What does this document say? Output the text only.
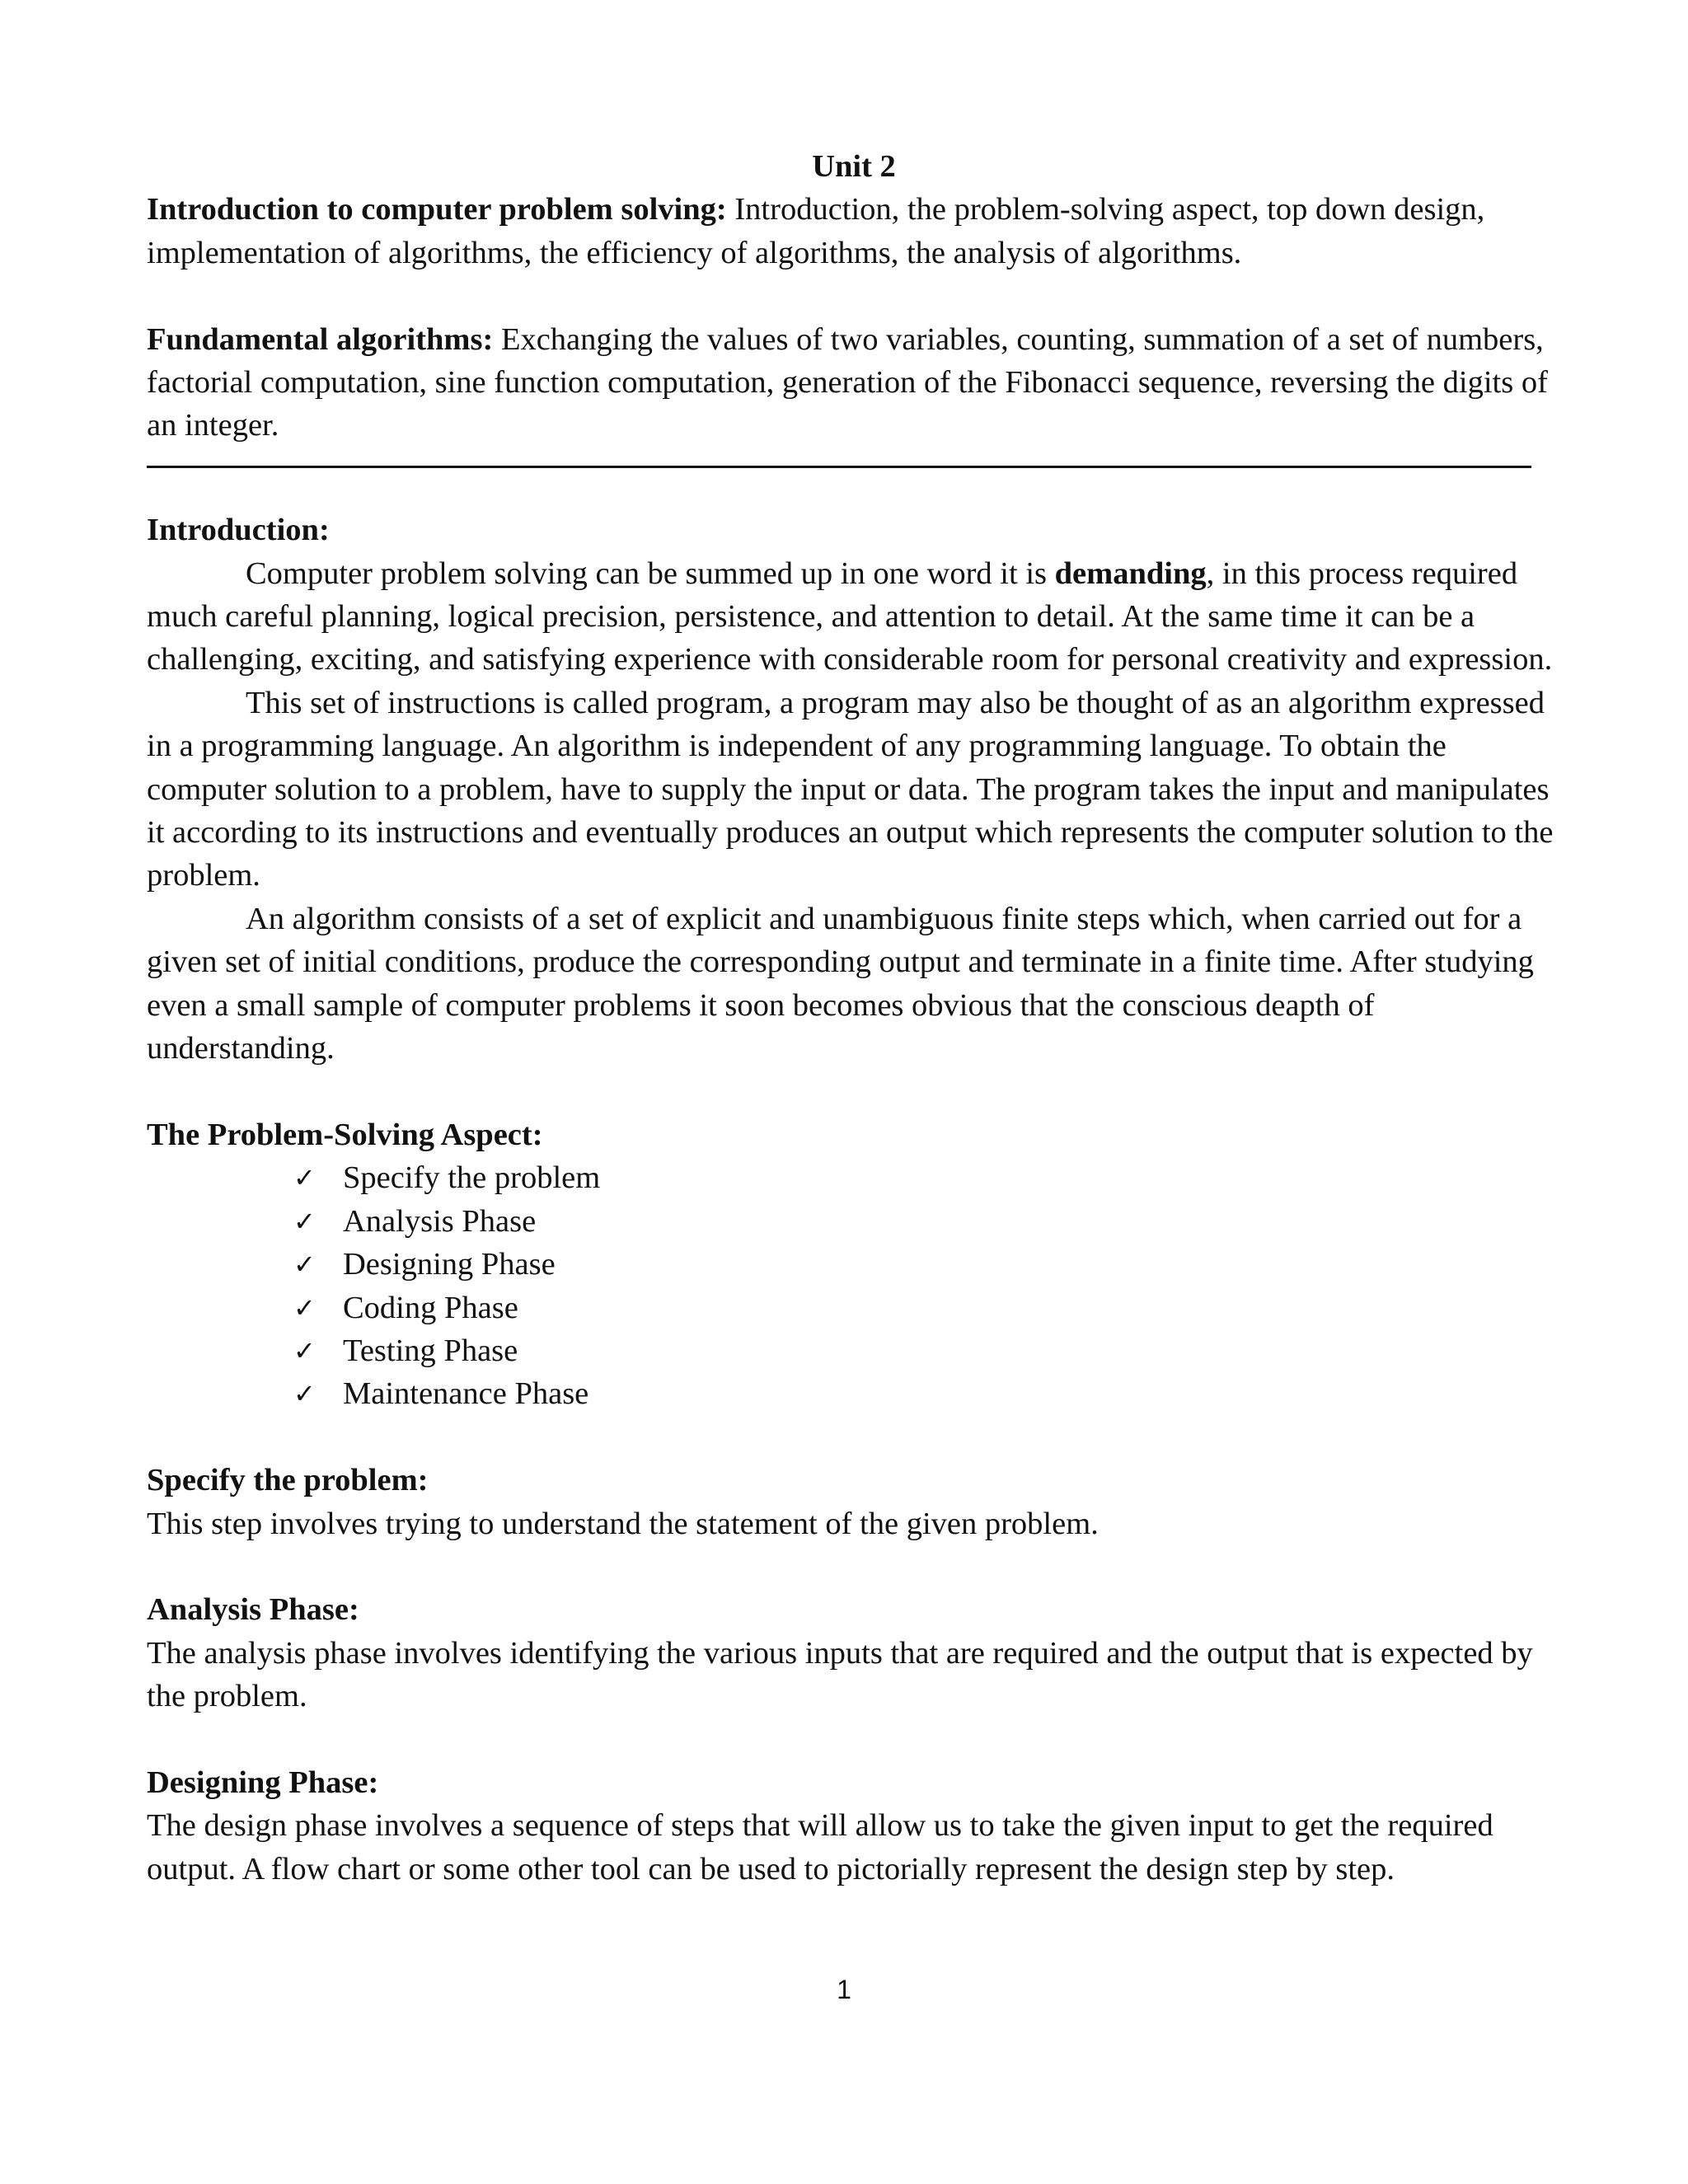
Unit 2

Introduction to computer problem solving: Introduction, the problem-solving aspect, top down design, implementation of algorithms, the efficiency of algorithms, the analysis of algorithms.

Fundamental algorithms: Exchanging the values of two variables, counting, summation of a set of numbers, factorial computation, sine function computation, generation of the Fibonacci sequence, reversing the digits of an integer.

Introduction:

Computer problem solving can be summed up in one word it is demanding, in this process required much careful planning, logical precision, persistence, and attention to detail. At the same time it can be a challenging, exciting, and satisfying experience with considerable room for personal creativity and expression.

This set of instructions is called program, a program may also be thought of as an algorithm expressed in a programming language. An algorithm is independent of any programming language. To obtain the computer solution to a problem, have to supply the input or data. The program takes the input and manipulates it according to its instructions and eventually produces an output which represents the computer solution to the problem.

An algorithm consists of a set of explicit and unambiguous finite steps which, when carried out for a given set of initial conditions, produce the corresponding output and terminate in a finite time. After studying even a small sample of computer problems it soon becomes obvious that the conscious deapth of understanding.

The Problem-Solving Aspect:

✓ Specify the problem
✓ Analysis Phase
✓ Designing Phase
✓ Coding Phase
✓ Testing Phase
✓ Maintenance Phase

Specify the problem:

This step involves trying to understand the statement of the given problem.

Analysis Phase:

The analysis phase involves identifying the various inputs that are required and the output that is expected by the problem.

Designing Phase:

The design phase involves a sequence of steps that will allow us to take the given input to get the required output. A flow chart or some other tool can be used to pictorially represent the design step by step.

1
